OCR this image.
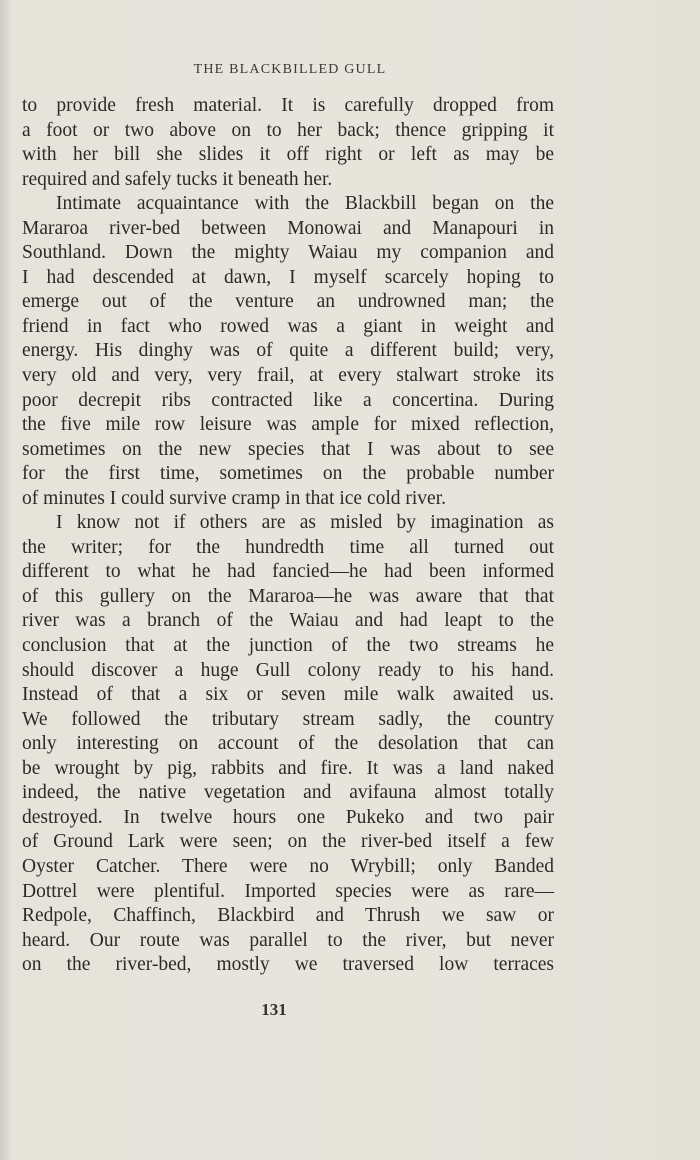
THE BLACKBILLED GULL
to provide fresh material. It is carefully dropped from
a foot or two above on to her back; thence gripping it
with her bill she slides it off right or left as may be
required and safely tucks it beneath her.
Intimate acquaintance with the Blackbill began on the
Mararoa river-bed between Monowai and Manapouri in
Southland. Down the mighty Waiau my companion and
I had descended at dawn, I myself scarcely hoping to
emerge out of the venture an undrowned man; the
friend in fact who rowed was a giant in weight and
energy. His dinghy was of quite a different build; very,
very old and very, very frail, at every stalwart stroke its
poor decrepit ribs contracted like a concertina. During
the five mile row leisure was ample for mixed reflection,
sometimes on the new species that I was about to see
for the first time, sometimes on the probable number
of minutes I could survive cramp in that ice cold river.
I know not if others are as misled by imagination as
the writer; for the hundredth time all turned out
different to what he had fancied—he had been informed
of this gullery on the Mararoa—he was aware that that
river was a branch of the Waiau and had leapt to the
conclusion that at the junction of the two streams he
should discover a huge Gull colony ready to his hand.
Instead of that a six or seven mile walk awaited us.
We followed the tributary stream sadly, the country
only interesting on account of the desolation that can
be wrought by pig, rabbits and fire. It was a land naked
indeed, the native vegetation and avifauna almost totally
destroyed. In twelve hours one Pukeko and two pair
of Ground Lark were seen; on the river-bed itself a few
Oyster Catcher. There were no Wrybill; only Banded
Dottrel were plentiful. Imported species were as rare—
Redpole, Chaffinch, Blackbird and Thrush we saw or
heard. Our route was parallel to the river, but never
on the river-bed, mostly we traversed low terraces
131
